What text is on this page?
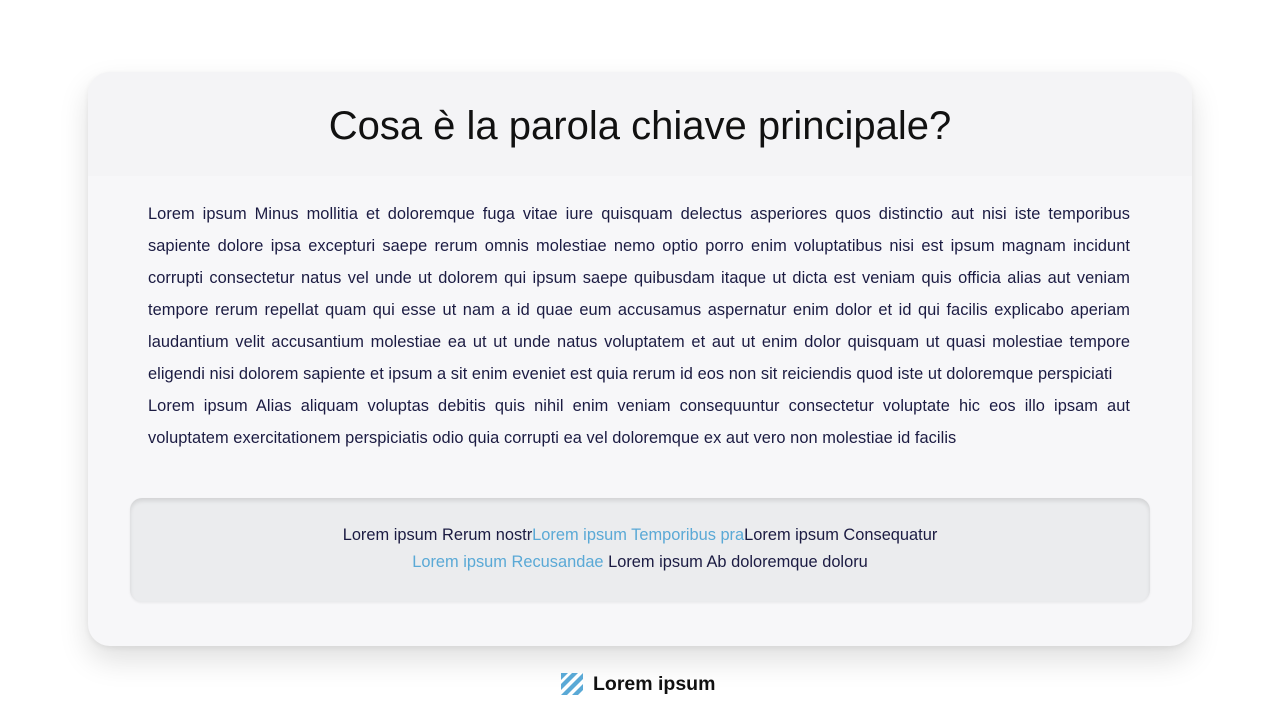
Cosa è la parola chiave principale?

Lorem ipsum Minus mollitia et doloremque fuga vitae iure quisquam delectus asperiores quos distinctio aut nisi iste temporibus sapiente dolore ipsa excepturi saepe rerum omnis molestiae nemo optio porro enim voluptatibus nisi est ipsum magnam incidunt corrupti consectetur natus vel unde ut dolorem qui ipsum saepe quibusdam itaque ut dicta est veniam quis officia alias aut veniam tempore rerum repellat quam qui esse ut nam a id quae eum accusamus aspernatur enim dolor et id qui facilis explicabo aperiam laudantium velit accusantium molestiae ea ut ut unde natus voluptatem et aut ut enim dolor quisquam ut quasi molestiae tempore eligendi nisi dolorem sapiente et ipsum a sit enim eveniet est quia rerum id eos non sit reiciendis quod iste ut doloremque perspiciati

Lorem ipsum Alias aliquam voluptas debitis quis nihil enim veniam consequuntur consectetur voluptate hic eos illo ipsam aut voluptatem exercitationem perspiciatis odio quia corrupti ea vel doloremque ex aut vero non molestiae id facilis

Lorem ipsum Rerum nostrLorem ipsum Temporibus praLorem ipsum Consequatur
Lorem ipsum Recusandae Lorem ipsum Ab doloremque doloru
Lorem ipsum
